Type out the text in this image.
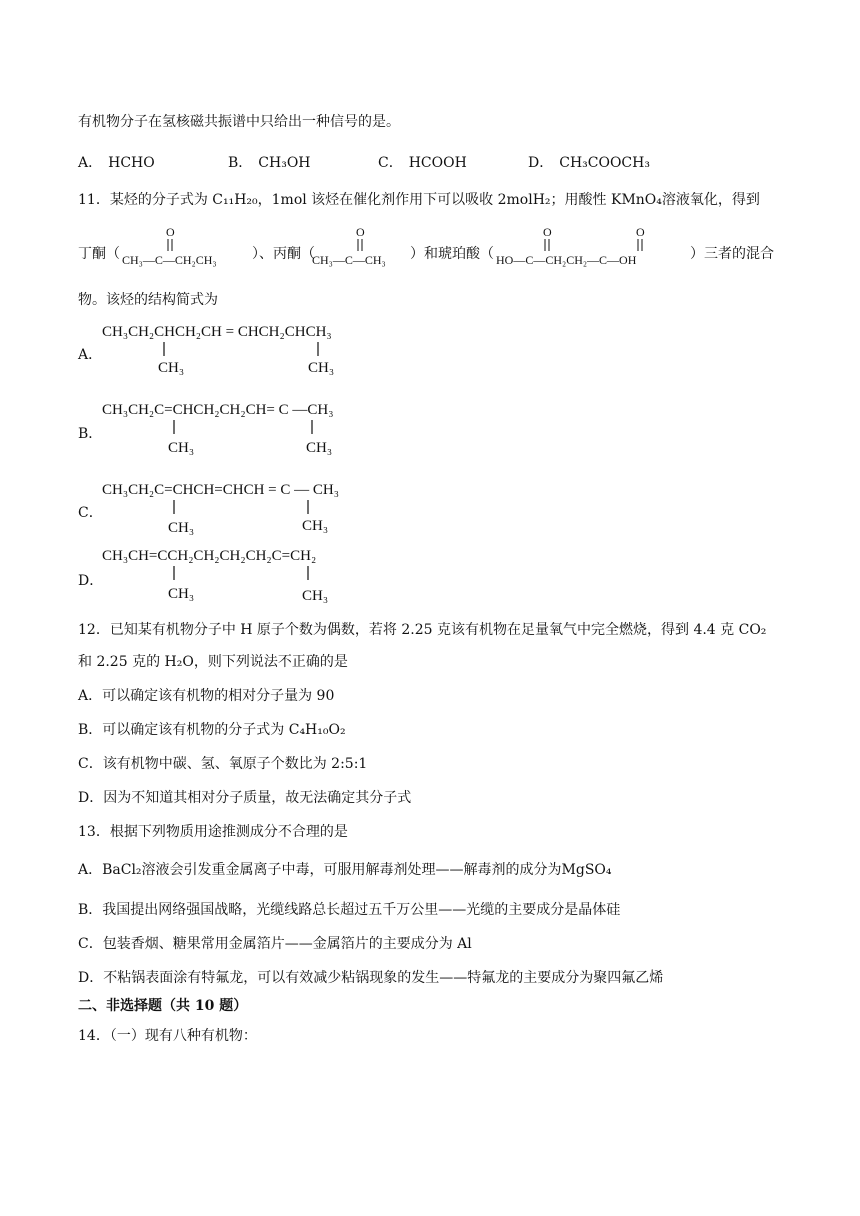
有机物分子在氢核磁共振谱中只给出一种信号的是。
A． HCHO	B． CH₃OH	C． HCOOH	D． CH₃COOCH₃
11．某烃的分子式为 C₁₁H₂₀，1mol 该烃在催化剂作用下可以吸收 2molH₂；用酸性 KMnO₄溶液氧化，得到
丁酮（
O
CH₃—C—CH₂CH₃	）、丙酮（
O
CH₃—C—CH₃ ）和琥珀酸（
O	O
HO—C—CH₂CH₂—C—OH	）三者的混合
物。该烃的结构简式为
A．
CH₃CH₂CHCH₂CH = CHCH₂CHCH₃
CH₃	CH₃
B．
CH₃CH₂C=CHCH₂CH₂CH= C —CH₃
CH₃	CH₃
C．
CH₃CH₂C=CHCH=CHCH = C — CH₃
CH₃	CH₃
D．
CH₃CH=CCH₂CH₂CH₂CH₂C=CH₂
CH₃	CH₃
12．已知某有机物分子中 H 原子个数为偶数，若将 2.25 克该有机物在足量氧气中完全燃烧，得到 4.4 克 CO₂
和 2.25 克的 H₂O，则下列说法不正确的是
A．可以确定该有机物的相对分子量为 90
B．可以确定该有机物的分子式为 C₄H₁₀O₂
C．该有机物中碳、氢、氧原子个数比为 2:5:1
D．因为不知道其相对分子质量，故无法确定其分子式
13．根据下列物质用途推测成分不合理的是
A．BaCl₂溶液会引发重金属离子中毒，可服用解毒剂处理——解毒剂的成分为MgSO₄
B．我国提出网络强国战略，光缆线路总长超过五千万公里——光缆的主要成分是晶体硅
C．包装香烟、糖果常用金属箔片——金属箔片的主要成分为 Al
D．不粘锅表面涂有特氟龙，可以有效减少粘锅现象的发生——特氟龙的主要成分为聚四氟乙烯
二、非选择题（共 10 题）
14．（一）现有八种有机物：
